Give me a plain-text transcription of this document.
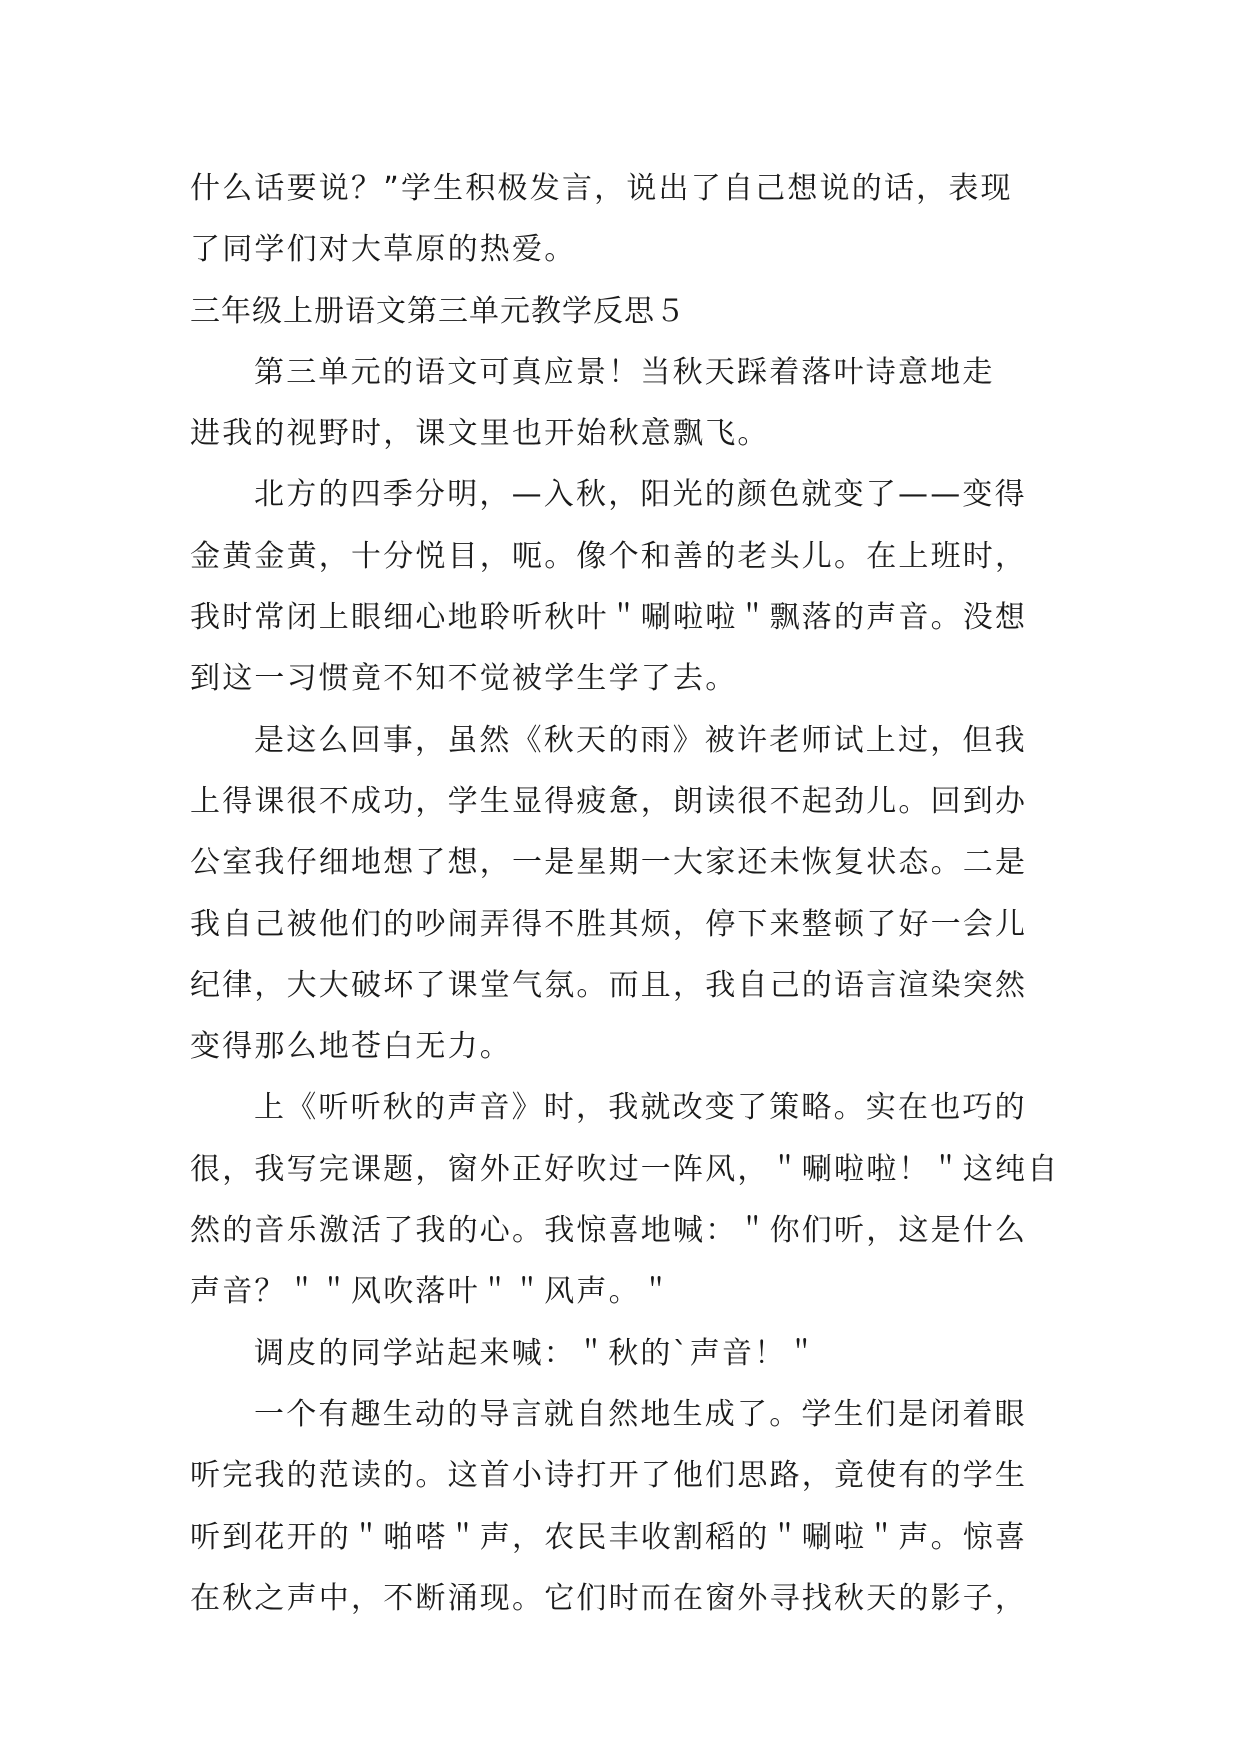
什么话要说？”学生积极发言，说出了自己想说的话，表现
了同学们对大草原的热爱。
三年级上册语文第三单元教学反思５
第三单元的语文可真应景！当秋天踩着落叶诗意地走
进我的视野时，课文里也开始秋意飘飞。
北方的四季分明，—入秋，阳光的颜色就变了——变得
金黄金黄，十分悦目，呃。像个和善的老头儿。在上班时，
我时常闭上眼细心地聆听秋叶＂唰啦啦＂飘落的声音。没想
到这一习惯竟不知不觉被学生学了去。
是这么回事，虽然《秋天的雨》被许老师试上过，但我
上得课很不成功，学生显得疲惫，朗读很不起劲儿。回到办
公室我仔细地想了想，一是星期一大家还未恢复状态。二是
我自己被他们的吵闹弄得不胜其烦，停下来整顿了好一会儿
纪律，大大破坏了课堂气氛。而且，我自己的语言渲染突然
变得那么地苍白无力。
上《听听秋的声音》时，我就改变了策略。实在也巧的
很，我写完课题，窗外正好吹过一阵风，＂唰啦啦！＂这纯自
然的音乐激活了我的心。我惊喜地喊：＂你们听，这是什么
声音？＂＂风吹落叶＂＂风声。＂
调皮的同学站起来喊：＂秋的`声音！＂
一个有趣生动的导言就自然地生成了。学生们是闭着眼
听完我的范读的。这首小诗打开了他们思路，竟使有的学生
听到花开的＂啪嗒＂声，农民丰收割稻的＂唰啦＂声。惊喜
在秋之声中，不断涌现。它们时而在窗外寻找秋天的影子，
